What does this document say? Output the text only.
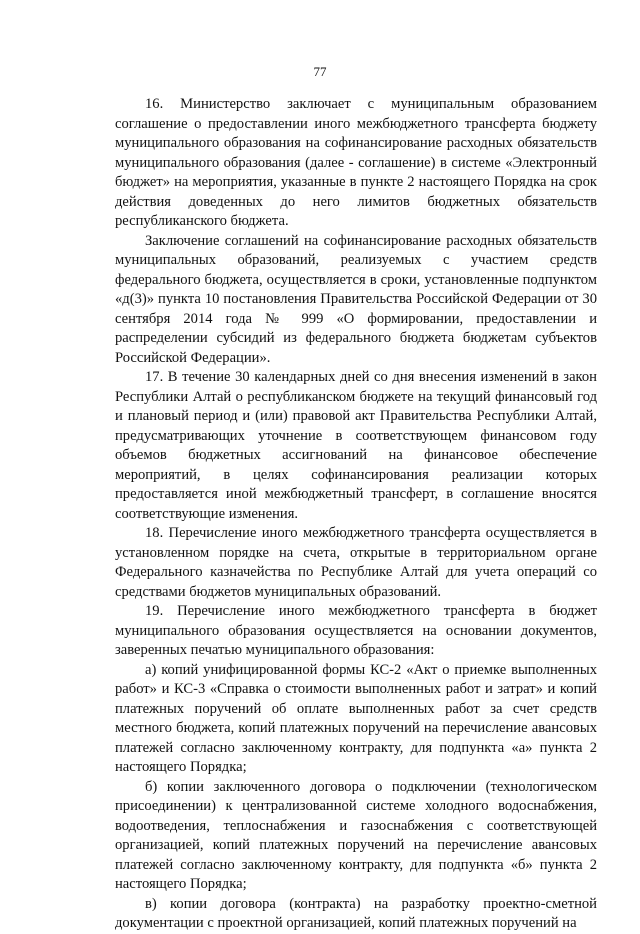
77

16. Министерство заключает с муниципальным образованием соглашение о предоставлении иного межбюджетного трансферта бюджету муниципального образования на софинансирование расходных обязательств муниципального образования (далее - соглашение) в системе «Электронный бюджет» на мероприятия, указанные в пункте 2 настоящего Порядка на срок действия доведенных до него лимитов бюджетных обязательств республиканского бюджета.

Заключение соглашений на софинансирование расходных обязательств муниципальных образований, реализуемых с участием средств федерального бюджета, осуществляется в сроки, установленные подпунктом «д(3)» пункта 10 постановления Правительства Российской Федерации от 30 сентября 2014 года № 999 «О формировании, предоставлении и распределении субсидий из федерального бюджета бюджетам субъектов Российской Федерации».

17. В течение 30 календарных дней со дня внесения изменений в закон Республики Алтай о республиканском бюджете на текущий финансовый год и плановый период и (или) правовой акт Правительства Республики Алтай, предусматривающих уточнение в соответствующем финансовом году объемов бюджетных ассигнований на финансовое обеспечение мероприятий, в целях софинансирования реализации которых предоставляется иной межбюджетный трансферт, в соглашение вносятся соответствующие изменения.

18. Перечисление иного межбюджетного трансферта осуществляется в установленном порядке на счета, открытые в территориальном органе Федерального казначейства по Республике Алтай для учета операций со средствами бюджетов муниципальных образований.

19. Перечисление иного межбюджетного трансферта в бюджет муниципального образования осуществляется на основании документов, заверенных печатью муниципального образования:

а) копий унифицированной формы КС-2 «Акт о приемке выполненных работ» и КС-3 «Справка о стоимости выполненных работ и затрат» и копий платежных поручений об оплате выполненных работ за счет средств местного бюджета, копий платежных поручений на перечисление авансовых платежей согласно заключенному контракту, для подпункта «а» пункта 2 настоящего Порядка;

б) копии заключенного договора о подключении (технологическом присоединении) к централизованной системе холодного водоснабжения, водоотведения, теплоснабжения и газоснабжения с соответствующей организацией, копий платежных поручений на перечисление авансовых платежей согласно заключенному контракту, для подпункта «б» пункта 2 настоящего Порядка;

в) копии договора (контракта) на разработку проектно-сметной документации с проектной организацией, копий платежных поручений на
